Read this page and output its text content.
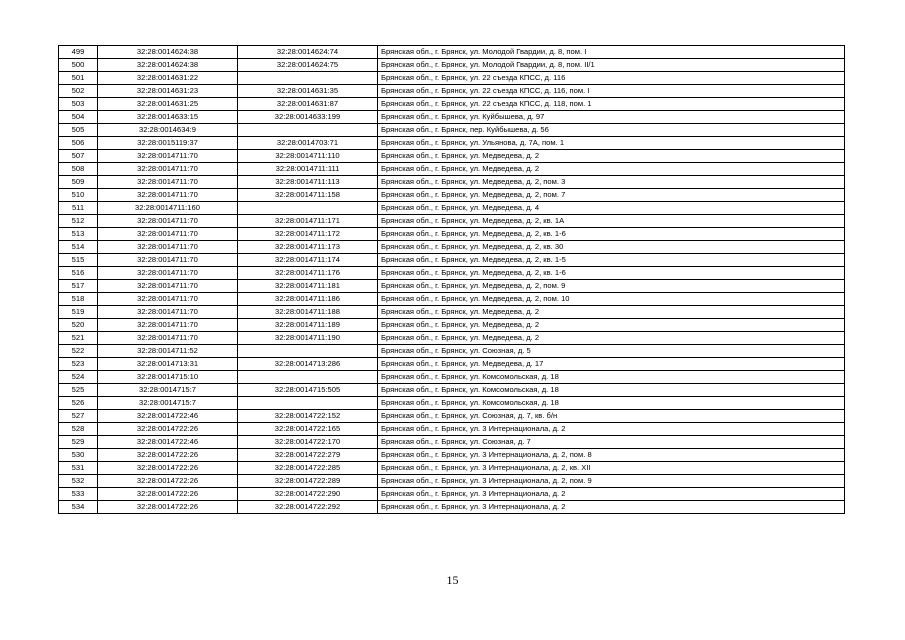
499	32:28:0014624:38	32:28:0014624:74	Брянская обл., г. Брянск, ул. Молодой Гвардии, д. 8, пом. I
500	32:28:0014624:38	32:28:0014624:75	Брянская обл., г. Брянск, ул. Молодой Гвардии, д. 8, пом. II/1
501	32:28:0014631:22		Брянская обл., г. Брянск, ул. 22 съезда КПСС, д. 116
502	32:28:0014631:23	32:28:0014631:35	Брянская обл., г. Брянск, ул. 22 съезда КПСС, д. 116, пом. I
503	32:28:0014631:25	32:28:0014631:87	Брянская обл., г. Брянск, ул. 22 съезда КПСС, д. 118, пом. 1
504	32:28:0014633:15	32:28:0014633:199	Брянская обл., г. Брянск, ул. Куйбышева, д. 97
505	32:28:0014634:9		Брянская обл., г. Брянск, пер. Куйбышева, д. 56
506	32:28:0015119:37	32:28:0014703:71	Брянская обл., г. Брянск, ул. Ульянова, д. 7А, пом. 1
507	32:28:0014711:70	32:28:0014711:110	Брянская обл., г. Брянск, ул. Медведева, д. 2
508	32:28:0014711:70	32:28:0014711:111	Брянская обл., г. Брянск, ул. Медведева, д. 2
509	32:28:0014711:70	32:28:0014711:113	Брянская обл., г. Брянск, ул. Медведева, д. 2, пом. 3
510	32:28:0014711:70	32:28:0014711:158	Брянская обл., г. Брянск, ул. Медведева, д. 2, пом. 7
511	32:28:0014711:160		Брянская обл., г. Брянск, ул. Медведева, д. 4
512	32:28:0014711:70	32:28:0014711:171	Брянская обл., г. Брянск, ул. Медведева, д. 2, кв. 1А
513	32:28:0014711:70	32:28:0014711:172	Брянская обл., г. Брянск, ул. Медведева, д. 2, кв. 1-6
514	32:28:0014711:70	32:28:0014711:173	Брянская обл., г. Брянск, ул. Медведева, д. 2, кв. 30
515	32:28:0014711:70	32:28:0014711:174	Брянская обл., г. Брянск, ул. Медведева, д. 2, кв. 1-5
516	32:28:0014711:70	32:28:0014711:176	Брянская обл., г. Брянск, ул. Медведева, д. 2, кв. 1-6
517	32:28:0014711:70	32:28:0014711:181	Брянская обл., г. Брянск, ул. Медведева, д. 2, пом. 9
518	32:28:0014711:70	32:28:0014711:186	Брянская обл., г. Брянск, ул. Медведева, д. 2, пом. 10
519	32:28:0014711:70	32:28:0014711:188	Брянская обл., г. Брянск, ул. Медведева, д. 2
520	32:28:0014711:70	32:28:0014711:189	Брянская обл., г. Брянск, ул. Медведева, д. 2
521	32:28:0014711:70	32:28:0014711:190	Брянская обл., г. Брянск, ул. Медведева, д. 2
522	32:28:0014711:52		Брянская обл., г. Брянск, ул. Союзная, д. 5
523	32:28:0014713:31	32:28:0014713:286	Брянская обл., г. Брянск, ул. Медведева, д. 17
524	32:28:0014715:10		Брянская обл., г. Брянск, ул. Комсомольская, д. 18
525	32:28:0014715:7	32:28:0014715:505	Брянская обл., г. Брянск, ул. Комсомольская, д. 18
526	32:28:0014715:7		Брянская обл., г. Брянск, ул. Комсомольская, д. 18
527	32:28:0014722:46	32:28:0014722:152	Брянская обл., г. Брянск, ул. Союзная, д. 7, кв. б/н
528	32:28:0014722:26	32:28:0014722:165	Брянская обл., г. Брянск, ул. 3 Интернационала, д. 2
529	32:28:0014722:46	32:28:0014722:170	Брянская обл., г. Брянск, ул. Союзная, д. 7
530	32:28:0014722:26	32:28:0014722:279	Брянская обл., г. Брянск, ул. 3 Интернационала, д. 2, пом. 8
531	32:28:0014722:26	32:28:0014722:285	Брянская обл., г. Брянск, ул. 3 Интернационала, д. 2, кв. XII
532	32:28:0014722:26	32:28:0014722:289	Брянская обл., г. Брянск, ул. 3 Интернационала, д. 2, пом. 9
533	32:28:0014722:26	32:28:0014722:290	Брянская обл., г. Брянск, ул. 3 Интернационала, д. 2
534	32:28:0014722:26	32:28:0014722:292	Брянская обл., г. Брянск, ул. 3 Интернационала, д. 2
15
